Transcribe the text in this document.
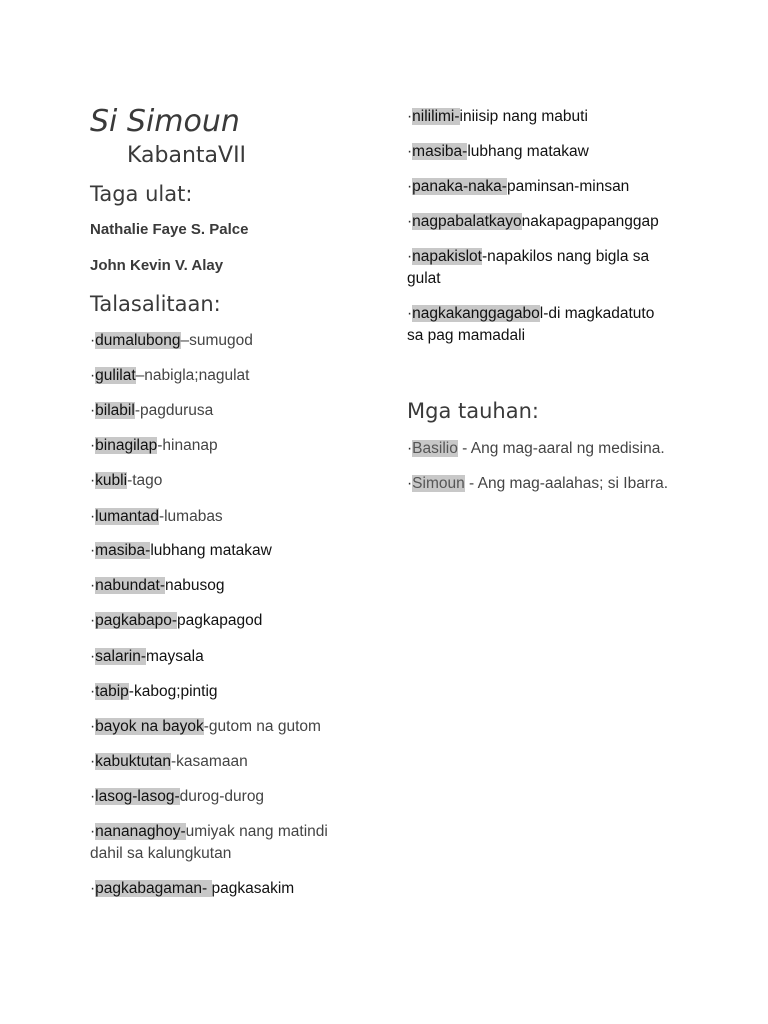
Si Simoun
KabantaVII
Taga ulat:
Nathalie Faye S. Palce
John Kevin V. Alay
Talasalitaan:
·dumalubong–sumugod
·gulilat–nabigla;nagulat
·bilabil-pagdurusa
·binagilap-hinanap
·kubli-tago
·lumantad-lumabas
·masiba-lubhang matakaw
·nabundat-nabusog
·pagkabapo-pagkapagod
·salarin-maysala
·tabip-kabog;pintig
·bayok na bayok-gutom na gutom
·kabuktutan-kasamaan
·lasog-lasog-durog-durog
·nananaghoy-umiyak nang matindi dahil sa kalungkutan
·pagkabagaman- pagkasakim
·nililimi-iniisip nang mabuti
·masiba-lubhang matakaw
·panaka-naka-paminsan-minsan
·nagpabalatkayonakapagpapanggap
·napakislot-napakilos nang bigla sa gulat
·nagkakanggagabol-di magkadatuto sa pag mamadali
Mga tauhan:
·Basilio - Ang mag-aaral ng medisina.
·Simoun - Ang mag-aalahas; si Ibarra.
